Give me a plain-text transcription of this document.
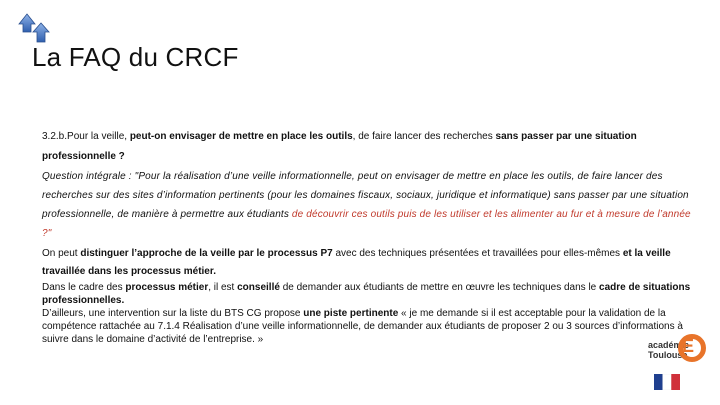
La FAQ du CRCF

3.2.b.Pour la veille, peut-on envisager de mettre en place les outils, de faire lancer des recherches sans passer par une situation professionnelle ?

Question intégrale : "Pour la réalisation d’une veille informationnelle, peut on envisager de mettre en place les outils, de faire lancer des recherches sur des sites d’information pertinents (pour les domaines fiscaux, sociaux, juridique et informatique) sans passer par une situation professionnelle, de manière à permettre aux étudiants de découvrir ces outils puis de les utiliser et les alimenter au fur et à mesure de l’année ?"

On peut distinguer l’approche de la veille par le processus P7 avec des techniques présentées et travaillées pour elles-mêmes et la veille travaillée dans les processus métier.

Dans le cadre des processus métier, il est conseillé de demander aux étudiants de mettre en œuvre les techniques dans le cadre de situations professionnelles.

D’ailleurs, une intervention sur la liste du BTS CG propose une piste pertinente « je me demande si il est acceptable pour la validation de la compétence rattachée au 7.1.4 Réalisation d’une veille informationnelle, de demander aux étudiants de proposer 2 ou 3 sources d’informations à suivre dans le domaine d’activité de l’entreprise. »	académie
Toulouse
É
